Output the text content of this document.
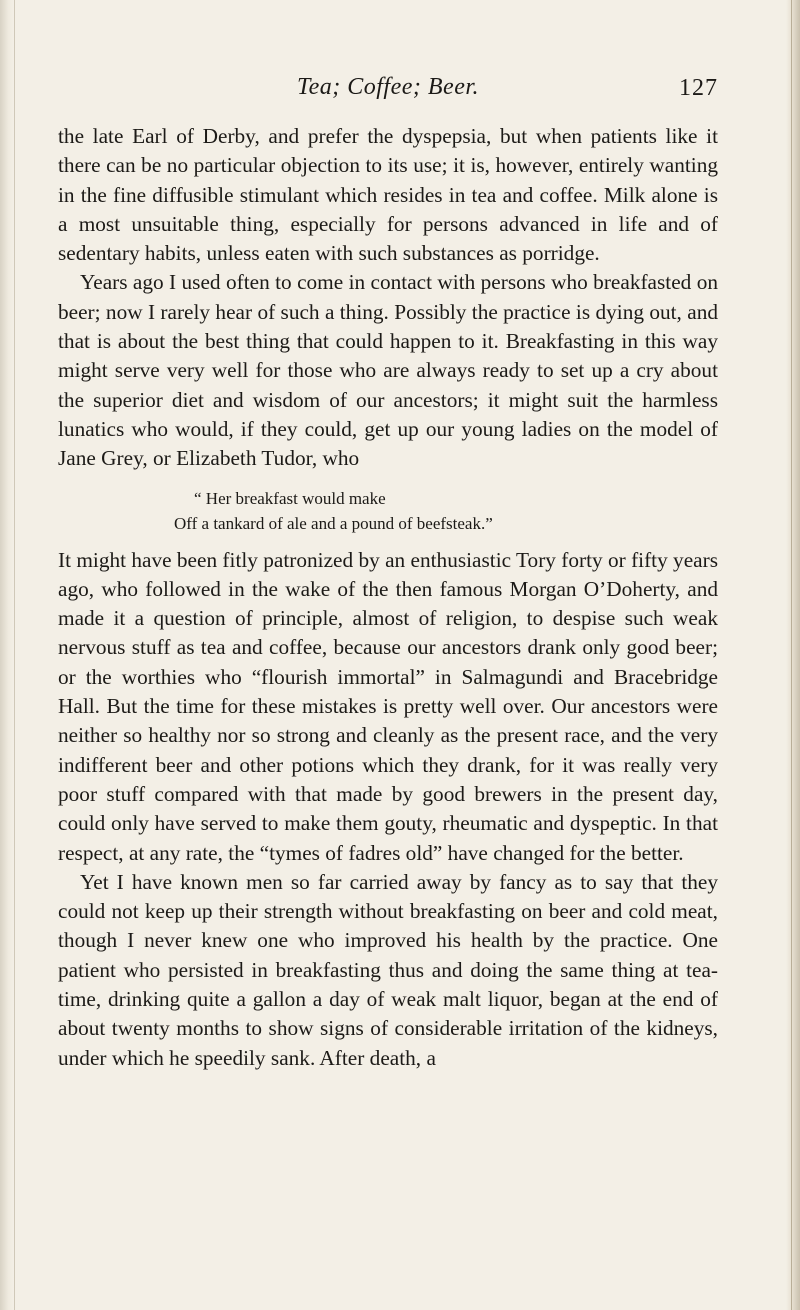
Tea; Coffee; Beer.	127

the late Earl of Derby, and prefer the dyspepsia, but when patients like it there can be no particular objection to its use; it is, however, entirely wanting in the fine diffusible stimulant which resides in tea and coffee. Milk alone is a most unsuitable thing, especially for persons advanced in life and of sedentary habits, unless eaten with such substances as porridge.

Years ago I used often to come in contact with persons who breakfasted on beer; now I rarely hear of such a thing. Possibly the practice is dying out, and that is about the best thing that could happen to it. Breakfasting in this way might serve very well for those who are always ready to set up a cry about the superior diet and wisdom of our ancestors; it might suit the harmless lunatics who would, if they could, get up our young ladies on the model of Jane Grey, or Elizabeth Tudor, who

“ Her breakfast would make
Off a tankard of ale and a pound of beefsteak.”

It might have been fitly patronized by an enthusiastic Tory forty or fifty years ago, who followed in the wake of the then famous Morgan O’Doherty, and made it a question of principle, almost of religion, to despise such weak nervous stuff as tea and coffee, because our ancestors drank only good beer; or the worthies who “flourish immortal” in Salmagundi and Bracebridge Hall. But the time for these mistakes is pretty well over. Our ancestors were neither so healthy nor so strong and cleanly as the present race, and the very indifferent beer and other potions which they drank, for it was really very poor stuff compared with that made by good brewers in the present day, could only have served to make them gouty, rheumatic and dyspeptic. In that respect, at any rate, the “tymes of fadres old” have changed for the better.

Yet I have known men so far carried away by fancy as to say that they could not keep up their strength without breakfasting on beer and cold meat, though I never knew one who improved his health by the practice. One patient who persisted in breakfasting thus and doing the same thing at tea-time, drinking quite a gallon a day of weak malt liquor, began at the end of about twenty months to show signs of considerable irritation of the kidneys, under which he speedily sank. After death, a
